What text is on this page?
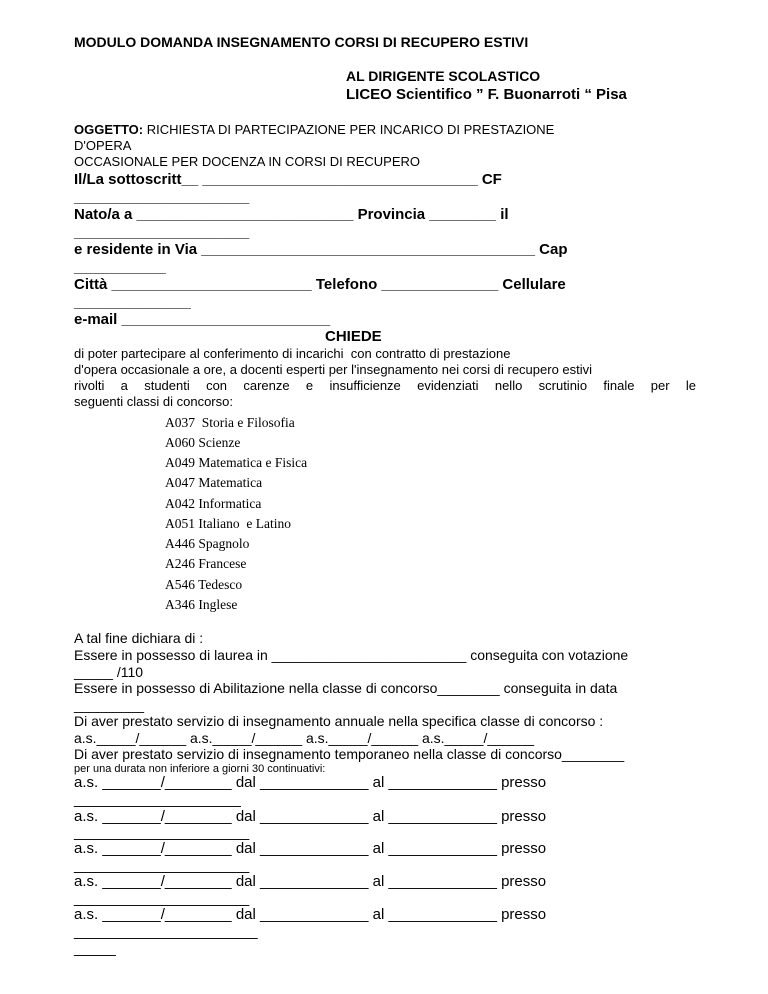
MODULO DOMANDA INSEGNAMENTO CORSI DI RECUPERO ESTIVI
AL DIRIGENTE SCOLASTICO
LICEO Scientifico ” F. Buonarroti “ Pisa
OGGETTO: RICHIESTA DI PARTECIPAZIONE PER INCARICO DI PRESTAZIONE
D'OPERA
OCCASIONALE PER DOCENZA IN CORSI DI RECUPERO
Il/La sottoscritt__ _________________________________ CF
_____________________
Nato/a a __________________________ Provincia ________ il
_____________________
e residente in Via ________________________________________ Cap
___________
Città ________________________ Telefono ______________ Cellulare
______________
e-mail _________________________
CHIEDE
di poter partecipare al conferimento di incarichi  con contratto di prestazione
d'opera occasionale a ore, a docenti esperti per l'insegnamento nei corsi di recupero estivi
rivolti a studenti con carenze e insufficienze evidenziati nello scrutinio finale per le
seguenti classi di concorso:
A037  Storia e Filosofia
A060 Scienze
A049 Matematica e Fisica
A047 Matematica
A042 Informatica
A051 Italiano  e Latino
A446 Spagnolo
A246 Francese
A546 Tedesco
A346 Inglese
A tal fine dichiara di :
Essere in possesso di laurea in _________________________ conseguita con votazione
_____ /110
Essere in possesso di Abilitazione nella classe di concorso________ conseguita in data
_________
Di aver prestato servizio di insegnamento annuale nella specifica classe di concorso :
a.s._____/______ a.s._____/______ a.s._____/______ a.s._____/______
Di aver prestato servizio di insegnamento temporaneo nella classe di concorso________
per una durata non inferiore a giorni 30 continuativi:
a.s. _______/________ dal _____________ al _____________ presso
____________________
a.s. _______/________ dal _____________ al _____________ presso
_____________________
a.s. _______/________ dal _____________ al _____________ presso
_____________________
a.s. _______/________ dal _____________ al _____________ presso
_____________________
a.s. _______/________ dal _____________ al _____________ presso
______________________
_____
